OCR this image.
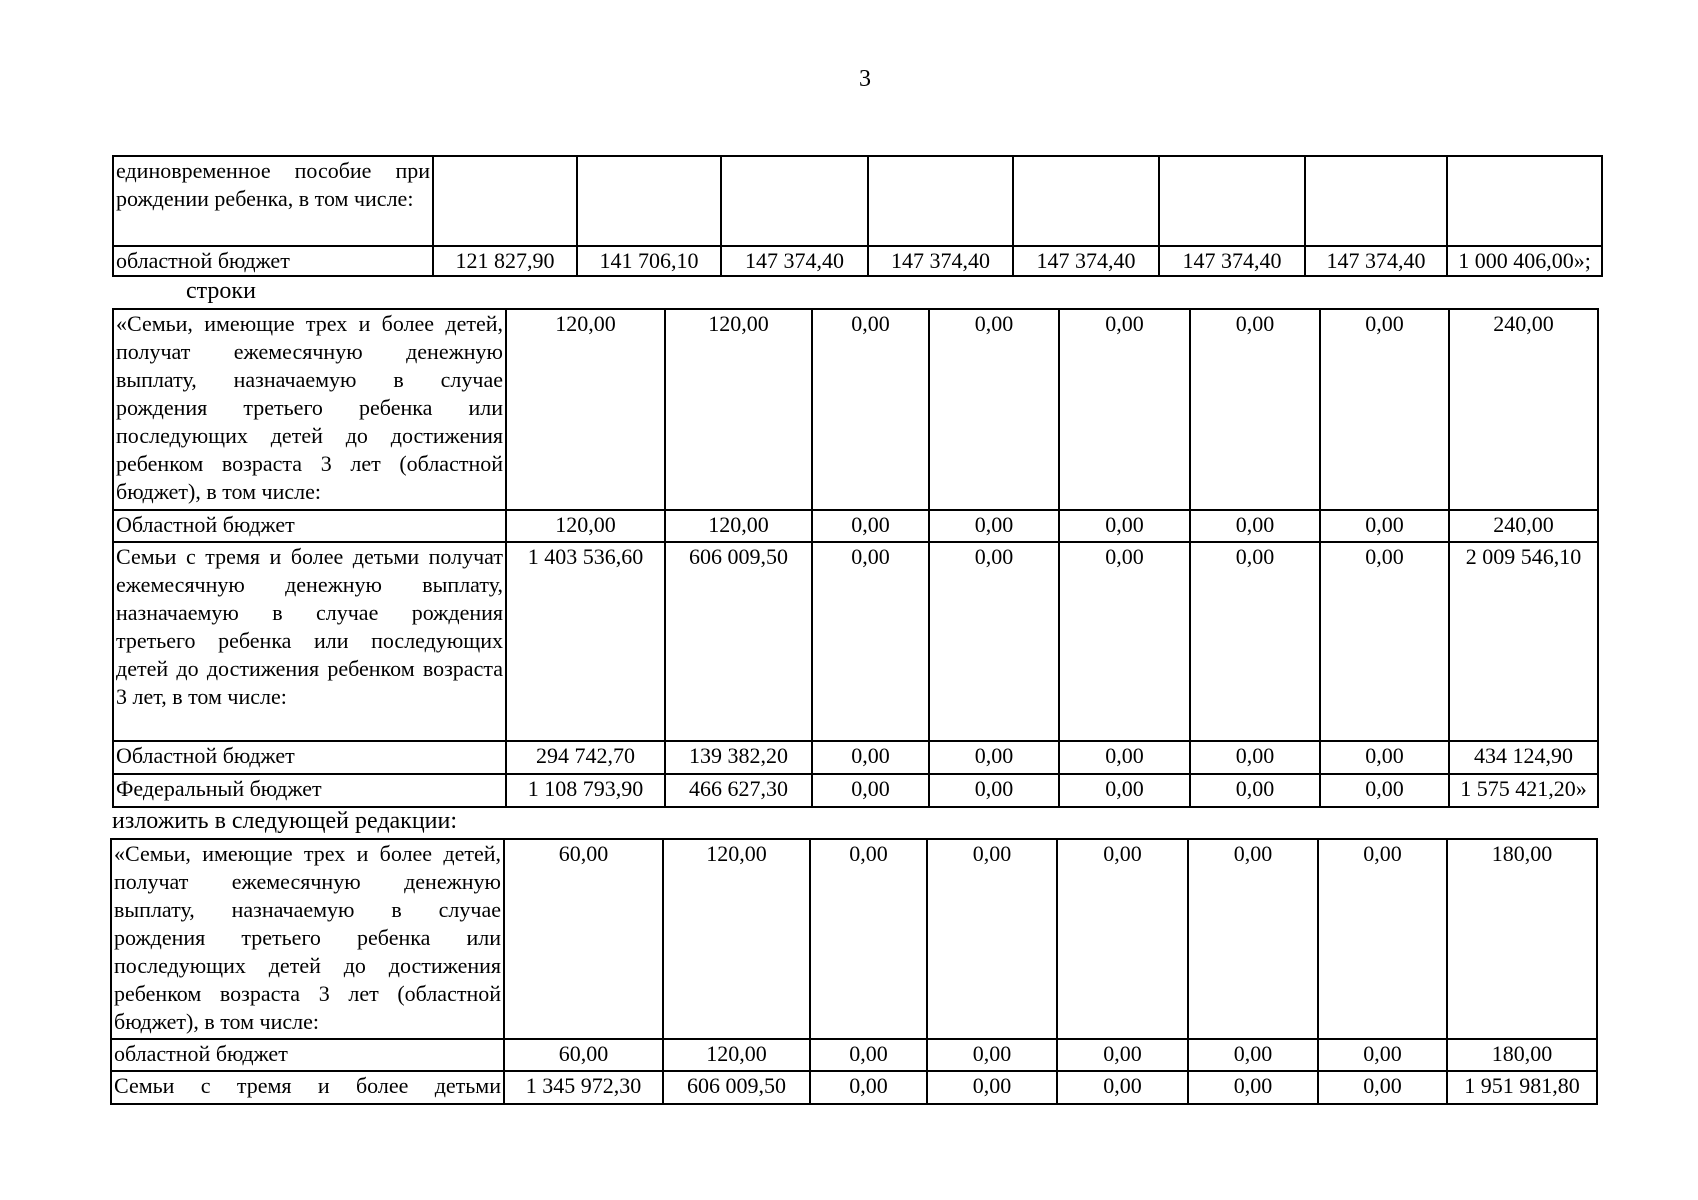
3
единовременное пособие при рождении ребенка, в том числе:								
областной бюджет	121 827,90	141 706,10	147 374,40	147 374,40	147 374,40	147 374,40	147 374,40	1 000 406,00»;
строки
«Семьи, имеющие трех и более детей, получат ежемесячную денежную выплату, назначаемую в случае рождения третьего ребенка или последующих детей до достижения ребенком возраста 3 лет (областной бюджет), в том числе:	120,00	120,00	0,00	0,00	0,00	0,00	0,00	240,00
Областной бюджет	120,00	120,00	0,00	0,00	0,00	0,00	0,00	240,00
Семьи с тремя и более детьми получат ежемесячную денежную выплату, назначаемую в случае рождения третьего ребенка или последующих детей до достижения ребенком возраста 3 лет, в том числе:	1 403 536,60	606 009,50	0,00	0,00	0,00	0,00	0,00	2 009 546,10
Областной бюджет	294 742,70	139 382,20	0,00	0,00	0,00	0,00	0,00	434 124,90
Федеральный бюджет	1 108 793,90	466 627,30	0,00	0,00	0,00	0,00	0,00	1 575 421,20»
изложить в следующей редакции:
«Семьи, имеющие трех и более детей, получат ежемесячную денежную выплату, назначаемую в случае рождения третьего ребенка или последующих детей до достижения ребенком возраста 3 лет (областной бюджет), в том числе:	60,00	120,00	0,00	0,00	0,00	0,00	0,00	180,00
областной бюджет	60,00	120,00	0,00	0,00	0,00	0,00	0,00	180,00
Семьи с тремя и более детьми	1 345 972,30	606 009,50	0,00	0,00	0,00	0,00	0,00	1 951 981,80
